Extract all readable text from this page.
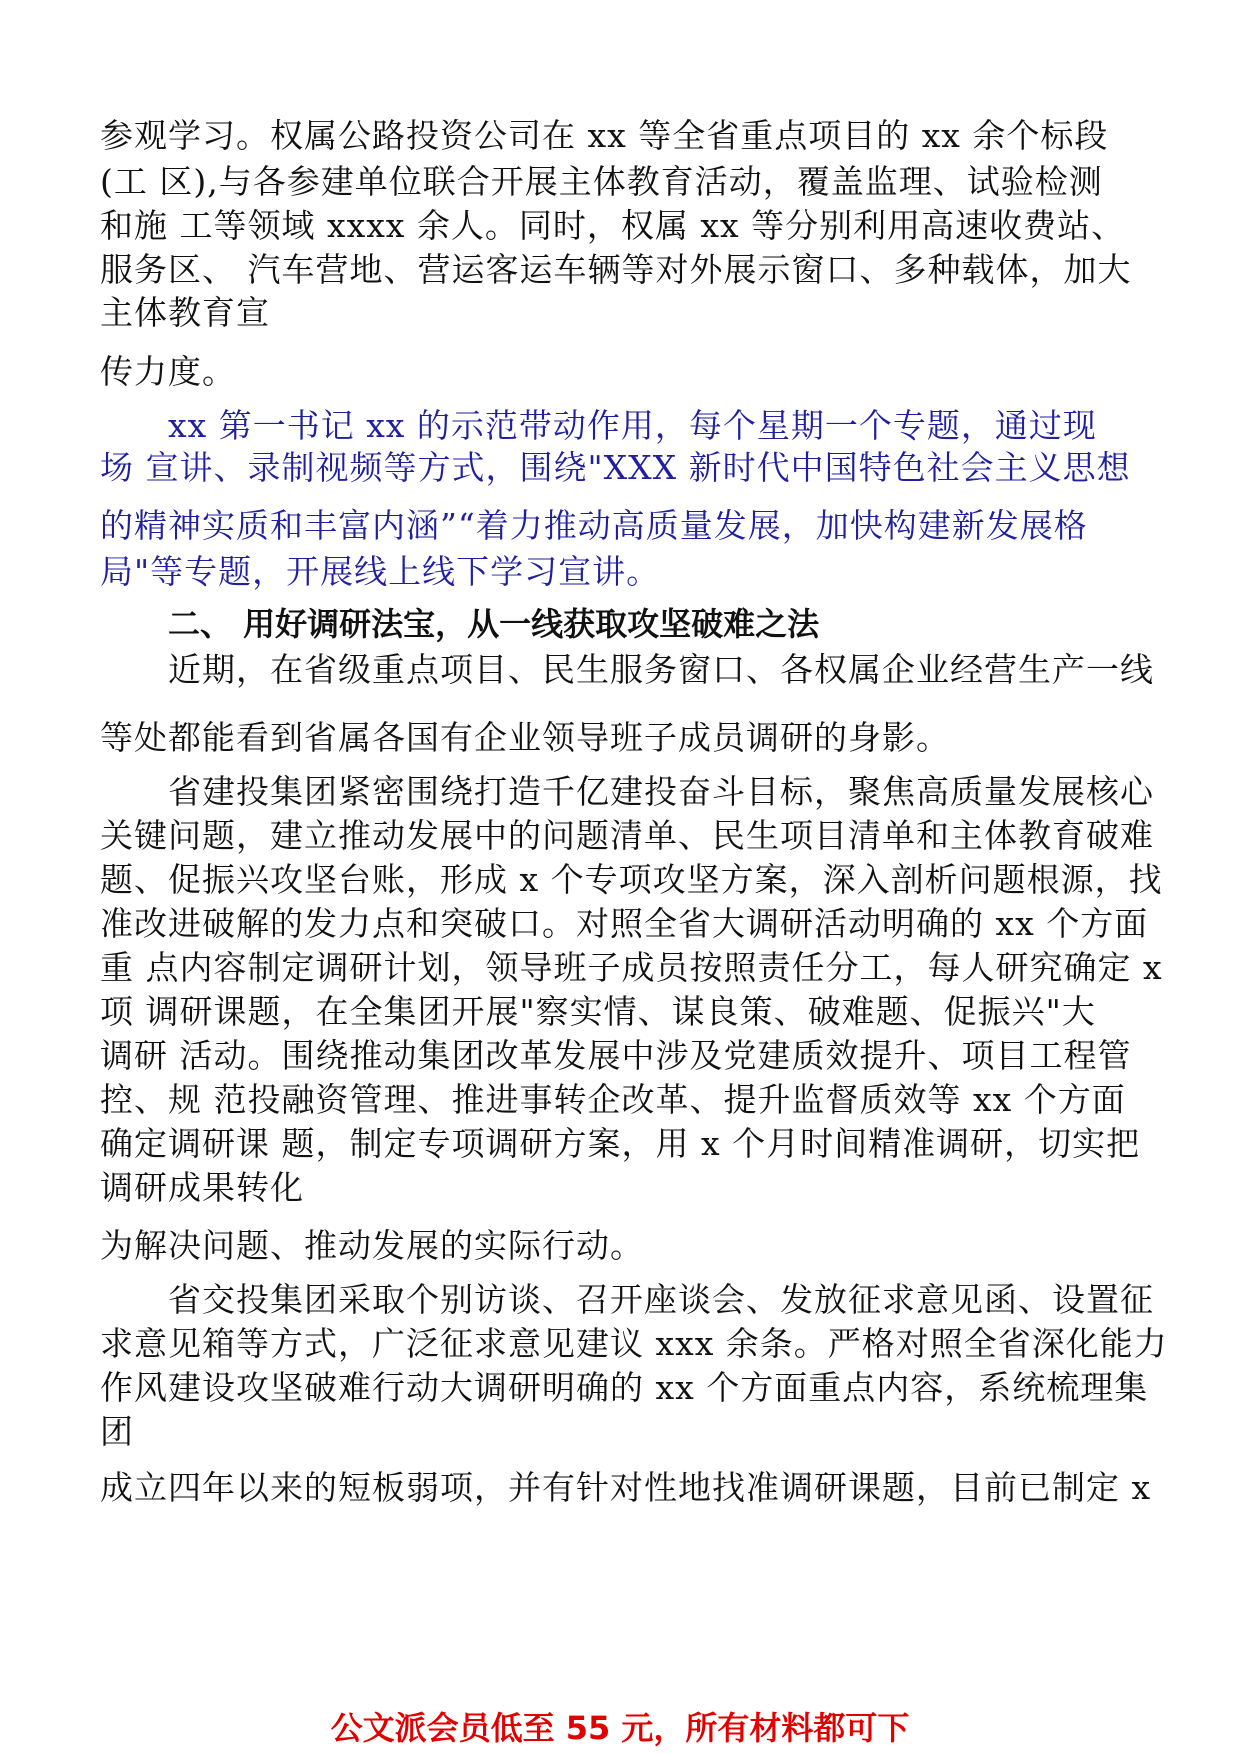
参观学习。权属公路投资公司在 xx 等全省重点项目的 xx 余个标段
(工 区),与各参建单位联合开展主体教育活动，覆盖监理、试验检测
和施 工等领域 xxxx 余人。同时，权属 xx 等分别利用高速收费站、
服务区、 汽车营地、营运客运车辆等对外展示窗口、多种载体，加大
主体教育宣
传力度。
xx 第一书记 xx 的示范带动作用，每个星期一个专题，通过现
场 宣讲、录制视频等方式，围绕"XXX 新时代中国特色社会主义思想
的精神实质和丰富内涵”“着力推动高质量发展，加快构建新发展格
局"等专题，开展线上线下学习宣讲。
二、 用好调研法宝，从一线获取攻坚破难之法
近期，在省级重点项目、民生服务窗口、各权属企业经营生产一线
等处都能看到省属各国有企业领导班子成员调研的身影。
省建投集团紧密围绕打造千亿建投奋斗目标，聚焦高质量发展核心
关键问题，建立推动发展中的问题清单、民生项目清单和主体教育破难
题、促振兴攻坚台账，形成 x 个专项攻坚方案，深入剖析问题根源，找
准改进破解的发力点和突破口。对照全省大调研活动明确的 xx 个方面
重 点内容制定调研计划，领导班子成员按照责任分工，每人研究确定 x
项 调研课题，在全集团开展"察实情、谋良策、破难题、促振兴"大
调研 活动。围绕推动集团改革发展中涉及党建质效提升、项目工程管
控、规 范投融资管理、推进事转企改革、提升监督质效等 xx 个方面
确定调研课 题，制定专项调研方案，用 x 个月时间精准调研，切实把
调研成果转化
为解决问题、推动发展的实际行动。
省交投集团采取个别访谈、召开座谈会、发放征求意见函、设置征
求意见箱等方式，广泛征求意见建议 xxx 余条。严格对照全省深化能力
作风建设攻坚破难行动大调研明确的 xx 个方面重点内容，系统梳理集
团
成立四年以来的短板弱项，并有针对性地找准调研课题，目前已制定 x
公文派会员低至 55 元，所有材料都可下
